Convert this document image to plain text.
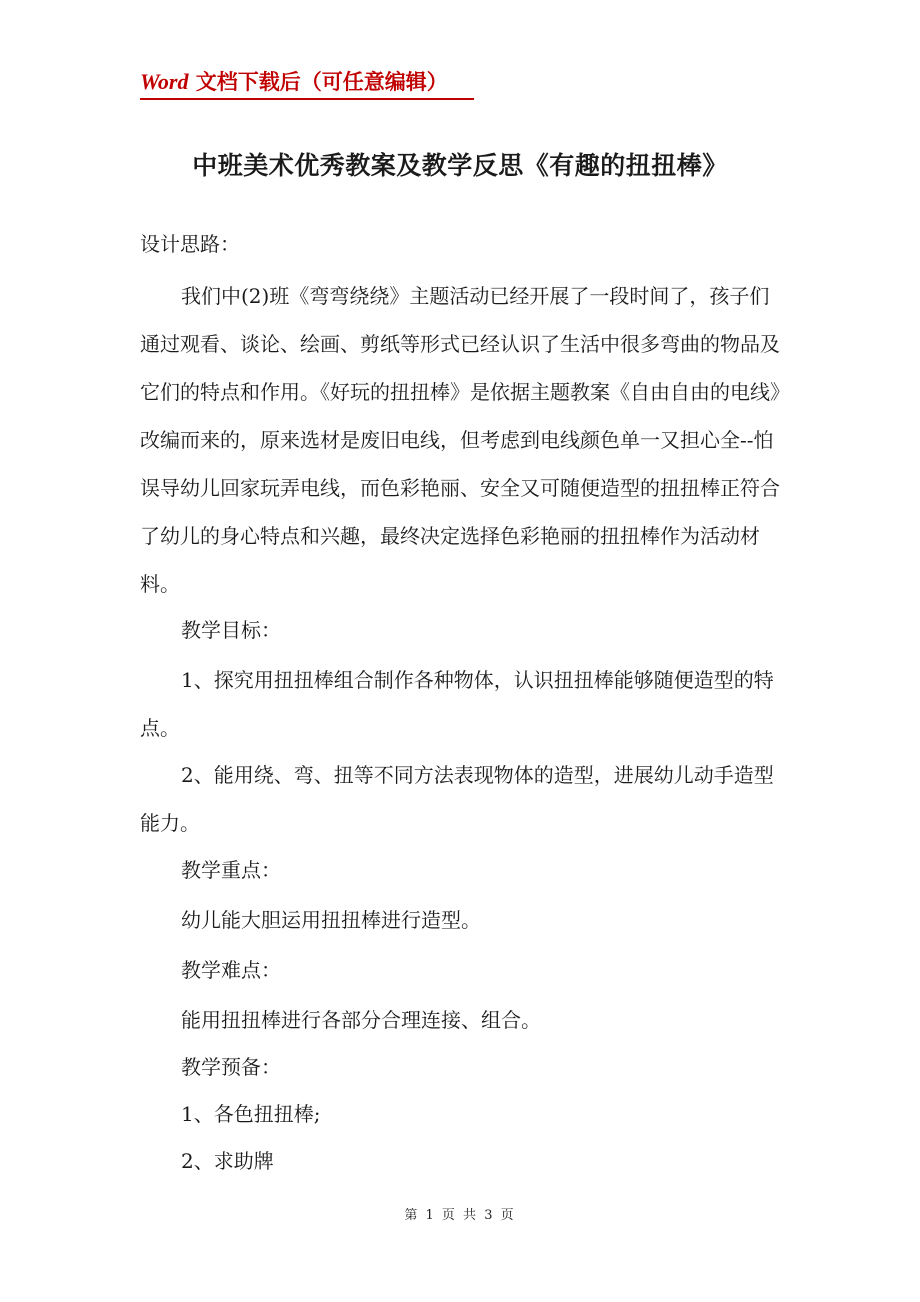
Word 文档下载后（可任意编辑）
中班美术优秀教案及教学反思《有趣的扭扭棒》

设计思路：

我们中(2)班《弯弯绕绕》主题活动已经开展了一段时间了，孩子们通过观看、谈论、绘画、剪纸等形式已经认识了生活中很多弯曲的物品及它们的特点和作用。《好玩的扭扭棒》是依据主题教案《自由自由的电线》改编而来的，原来选材是废旧电线，但考虑到电线颜色单一又担心全--怕误导幼儿回家玩弄电线，而色彩艳丽、安全又可随便造型的扭扭棒正符合了幼儿的身心特点和兴趣，最终决定选择色彩艳丽的扭扭棒作为活动材料。

教学目标：

1、探究用扭扭棒组合制作各种物体，认识扭扭棒能够随便造型的特点。

2、能用绕、弯、扭等不同方法表现物体的造型，进展幼儿动手造型能力。

教学重点：

幼儿能大胆运用扭扭棒进行造型。

教学难点：

能用扭扭棒进行各部分合理连接、组合。

教学预备：

1、各色扭扭棒;

2、求助牌

第 1 页 共 3 页
